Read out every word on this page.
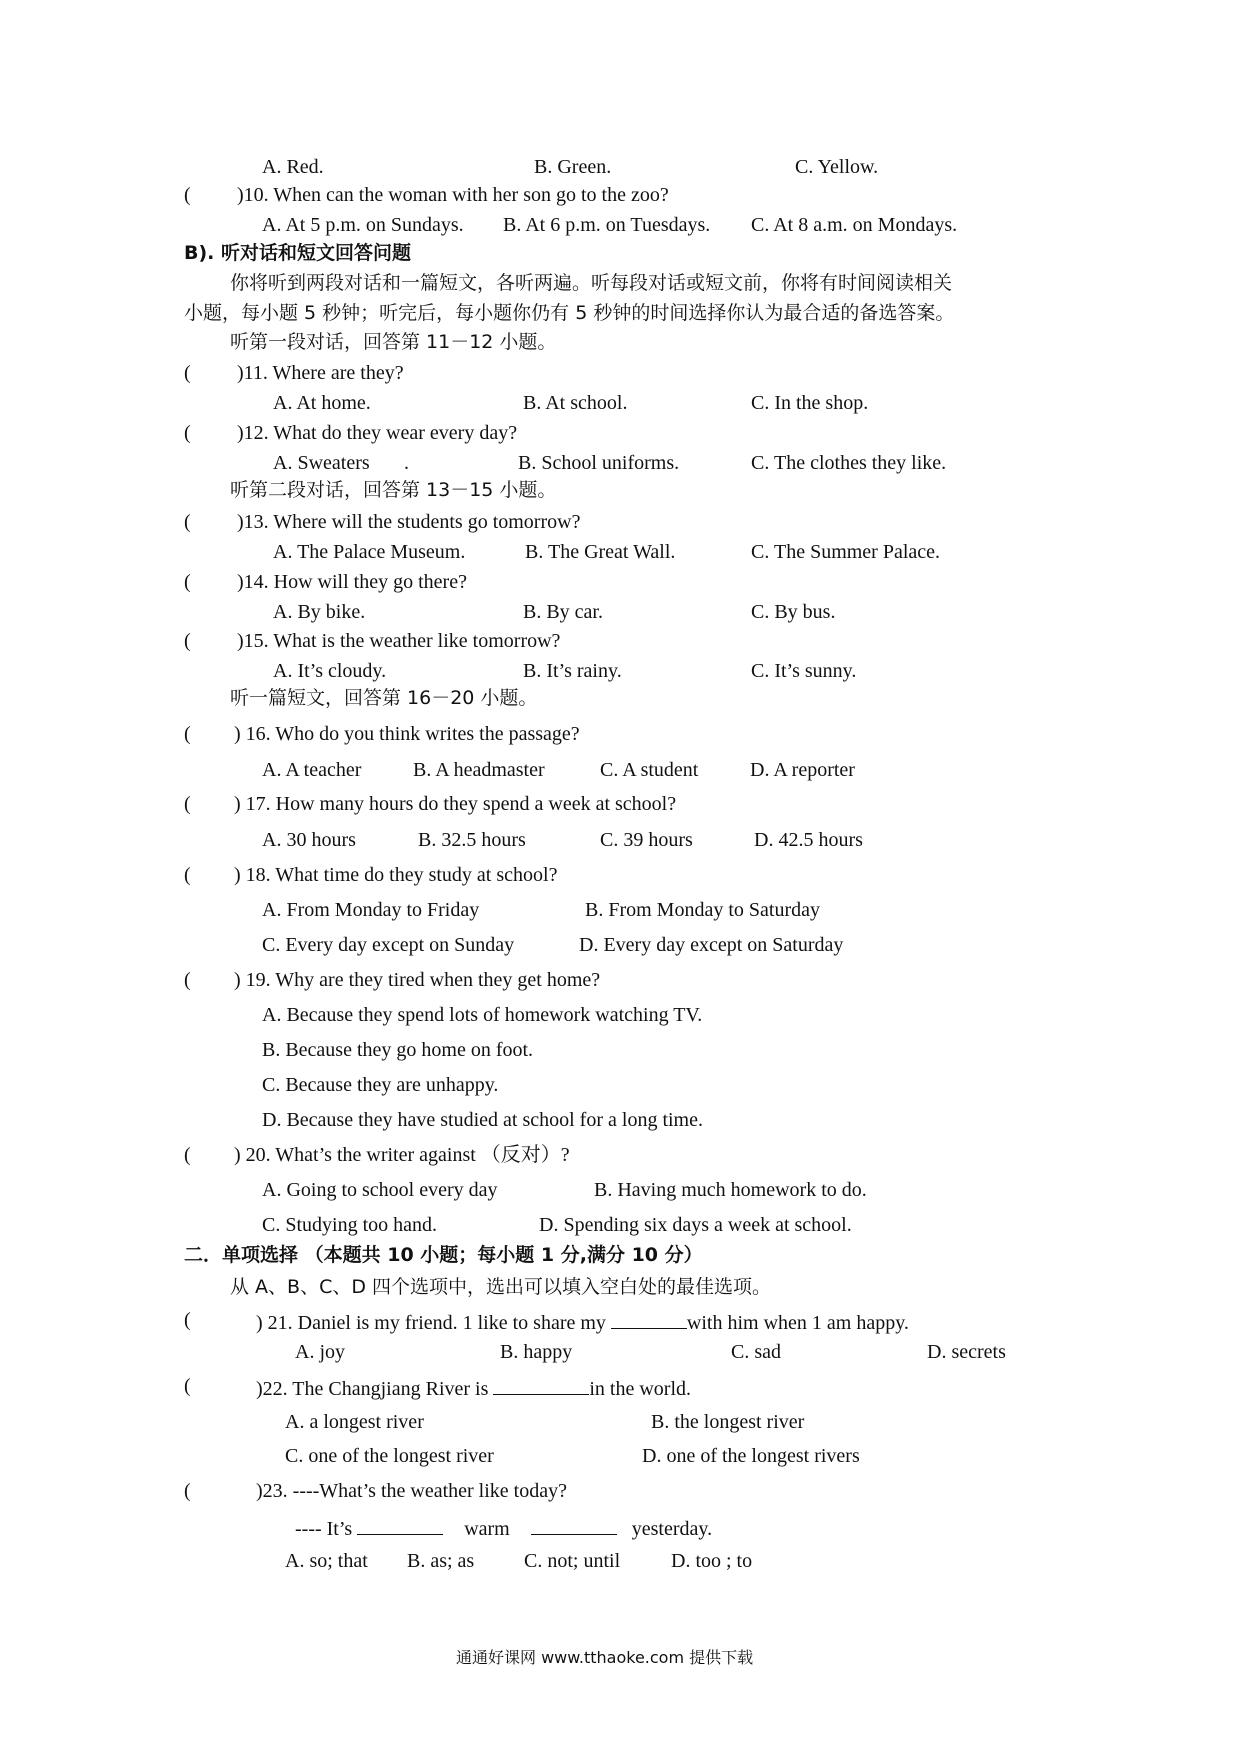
A. Red.	B. Green.	C. Yellow.
( )10. When can the woman with her son go to the zoo?
A. At 5 p.m. on Sundays. B. At 6 p.m. on Tuesdays. C. At 8 a.m. on Mondays.
B). 听对话和短文回答问题
你将听到两段对话和一篇短文，各听两遍。听每段对话或短文前，你将有时间阅读相关
小题，每小题 5 秒钟；听完后，每小题你仍有 5 秒钟的时间选择你认为最合适的备选答案。
听第一段对话，回答第 11－12 小题。
( )11. Where are they?
A. At home.	B. At school.	C. In the shop.
( )12. What do they wear every day?
A. Sweaters .	B. School uniforms.	C. The clothes they like.
听第二段对话，回答第 13－15 小题。
( )13. Where will the students go tomorrow?
A. The Palace Museum.	B. The Great Wall.	C. The Summer Palace.
( )14. How will they go there?
A. By bike.	B. By car.	C. By bus.
( )15. What is the weather like tomorrow?
A. It’s cloudy.	B. It’s rainy.	C. It’s sunny.
听一篇短文，回答第 16－20 小题。
( ) 16. Who do you think writes the passage?
A. A teacher	B. A headmaster	C. A student	D. A reporter
( ) 17. How many hours do they spend a week at school?
A. 30 hours	B. 32.5 hours	C. 39 hours	D. 42.5 hours
( ) 18. What time do they study at school?
A. From Monday to Friday	B. From Monday to Saturday
C. Every day except on Sunday	D. Every day except on Saturday
( ) 19. Why are they tired when they get home?
A. Because they spend lots of homework watching TV.
B. Because they go home on foot.
C. Because they are unhappy.
D. Because they have studied at school for a long time.
( ) 20. What’s the writer against （反对）?
A. Going to school every day	B. Having much homework to do.
C. Studying too hand.	D. Spending six days a week at school.
二．单项选择 （本题共 10 小题；每小题 1 分,满分 10 分）
从 A、B、C、D 四个选项中，选出可以填入空白处的最佳选项。
(	) 21. Daniel is my friend. 1 like to share my	with him when 1 am happy.
A. joy	B. happy	C. sad	D. secrets
(	)22. The Changjiang River is	in the world.
A. a longest river	B. the longest river
C. one of the longest river	D. one of the longest rivers
(	)23. ----What’s the weather like today?
---- It’s	warm	yesterday.
A. so; that B. as; as C. not; until	D. too ; to
通通好课网 www.tthaoke.com 提供下载
